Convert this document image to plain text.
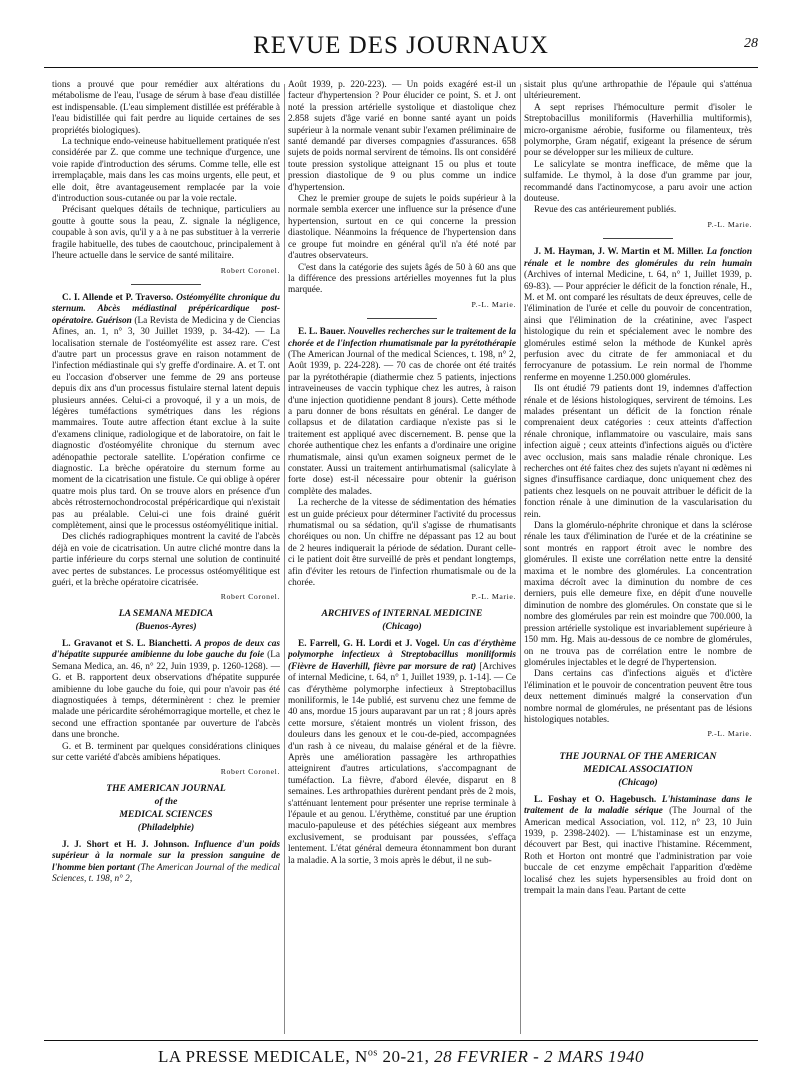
REVUE DES JOURNAUX	28

tions a prouvé que pour remédier aux altérations du métabolisme de l'eau, l'usage de sérum à base d'eau distillée est indispensable. (L'eau simplement distillée est préférable à l'eau bidistillée qui fait perdre au liquide certaines de ses propriétés biologiques).

La technique endo-veineuse habituellement pratiquée n'est considérée par Z. que comme une technique d'urgence, une voie rapide d'introduction des sérums. Comme telle, elle est irremplaçable, mais dans les cas moins urgents, elle peut, et elle doit, être avantageusement remplacée par la voie d'introduction sous-cutanée ou par la voie rectale.

Précisant quelques détails de technique, particuliers au goutte à goutte sous la peau, Z. signale la négligence, coupable à son avis, qu'il y a à ne pas substituer à la verrerie fragile habituelle, des tubes de caoutchouc, principalement à l'heure actuelle dans le service de santé militaire.

Robert Coronel.

C. I. Allende et P. Traverso. Ostéomyélite chronique du sternum. Abcès médiastinal prépéricardique post-opératoire. Guérison (La Revista de Medicina y de Ciencias Afines, an. 1, n° 3, 30 Juillet 1939, p. 34-42). — La localisation sternale de l'ostéomyélite est assez rare. C'est d'autre part un processus grave en raison notamment de l'infection médiastinale qui s'y greffe d'ordinaire. A. et T. ont eu l'occasion d'observer une femme de 29 ans porteuse depuis dix ans d'un processus fistulaire sternal latent depuis plusieurs années. Celui-ci a provoqué, il y a un mois, de légères tuméfactions symétriques dans les régions mammaires. Toute autre affection étant exclue à la suite d'examens clinique, radiologique et de laboratoire, on fait le diagnostic d'ostéomyélite chronique du sternum avec adénopathie pectorale satellite. L'opération confirme ce diagnostic. La brèche opératoire du sternum forme au moment de la cicatrisation une fistule. Ce qui oblige à opérer quatre mois plus tard. On se trouve alors en présence d'un abcès rétrosternochondrocostal prépéricardique qui n'existait pas au préalable. Celui-ci une fois drainé guérit complètement, ainsi que le processus ostéomyélitique initial.

Des clichés radiographiques montrent la cavité de l'abcès déjà en voie de cicatrisation. Un autre cliché montre dans la partie inférieure du corps sternal une solution de continuité avec pertes de substances. Le processus ostéomyélitique est guéri, et la brèche opératoire cicatrisée.

Robert Coronel.
LA SEMANA MEDICA
(Buenos-Ayres)

L. Gravanot et S. L. Bianchetti. A propos de deux cas d'hépatite suppurée amibienne du lobe gauche du foie (La Semana Medica, an. 46, n° 22, Juin 1939, p. 1260-1268). — G. et B. rapportent deux observations d'hépatite suppurée amibienne du lobe gauche du foie, qui pour n'avoir pas été diagnostiquées à temps, déterminèrent : chez le premier malade une péricardite sérohémorragique mortelle, et chez le second une effraction spontanée par ouverture de l'abcès dans une bronche.

G. et B. terminent par quelques considérations cliniques sur cette variété d'abcès amibiens hépatiques.

Robert Coronel.
THE AMERICAN JOURNAL
of the
MEDICAL SCIENCES
(Philadelphie)

J. J. Short et H. J. Johnson. Influence d'un poids supérieur à la normale sur la pression sanguine de l'homme bien portant (The American Journal of the medical Sciences, t. 198, n° 2,

Août 1939, p. 220-223). — Un poids exagéré est-il un facteur d'hypertension ? Pour élucider ce point, S. et J. ont noté la pression artérielle systolique et diastolique chez 2.858 sujets d'âge varié en bonne santé ayant un poids supérieur à la normale venant subir l'examen préliminaire de santé demandé par diverses compagnies d'assurances. 658 sujets de poids normal servirent de témoins. Ils ont considéré toute pression systolique atteignant 15 ou plus et toute pression diastolique de 9 ou plus comme un indice d'hypertension.

Chez le premier groupe de sujets le poids supérieur à la normale sembla exercer une influence sur la présence d'une hypertension, surtout en ce qui concerne la pression diastolique. Néanmoins la fréquence de l'hypertension dans ce groupe fut moindre en général qu'il n'a été noté par d'autres observateurs.

C'est dans la catégorie des sujets âgés de 50 à 60 ans que la différence des pressions artérielles moyennes fut la plus marquée.

P.-L. Marie.

E. L. Bauer. Nouvelles recherches sur le traitement de la chorée et de l'infection rhumatismale par la pyrétothérapie (The American Journal of the medical Sciences, t. 198, n° 2, Août 1939, p. 224-228). — 70 cas de chorée ont été traités par la pyrétothérapie (diathermie chez 5 patients, injections intraveineuses de vaccin typhique chez les autres, à raison d'une injection quotidienne pendant 8 jours). Cette méthode a paru donner de bons résultats en général. Le danger de collapsus et de dilatation cardiaque n'existe pas si le traitement est appliqué avec discernement. B. pense que la chorée authentique chez les enfants a d'ordinaire une origine rhumatismale, ainsi qu'un examen soigneux permet de le constater. Aussi un traitement antirhumatismal (salicylate à forte dose) est-il nécessaire pour obtenir la guérison complète des malades.

La recherche de la vitesse de sédimentation des hématies est un guide précieux pour déterminer l'activité du processus rhumatismal ou sa sédation, qu'il s'agisse de rhumatisants choréiques ou non. Un chiffre ne dépassant pas 12 au bout de 2 heures indiquerait la période de sédation. Durant celle-ci le patient doit être surveillé de près et pendant longtemps, afin d'éviter les retours de l'infection rhumatismale ou de la chorée.

P.-L. Marie.
ARCHIVES of INTERNAL MEDICINE
(Chicago)

E. Farrell, G. H. Lordi et J. Vogel. Un cas d'érythème polymorphe infectieux à Streptobacillus moniliformis (Fièvre de Haverhill, fièvre par morsure de rat) [Archives of internal Medicine, t. 64, n° 1, Juillet 1939, p. 1-14]. — Ce cas d'érythème polymorphe infectieux à Streptobacillus moniliformis, le 14e publié, est survenu chez une femme de 40 ans, mordue 15 jours auparavant par un rat ; 8 jours après cette morsure, s'étaient montrés un violent frisson, des douleurs dans les genoux et le cou-de-pied, accompagnées d'un rash à ce niveau, du malaise général et de la fièvre. Après une amélioration passagère les arthropathies atteignirent d'autres articulations, s'accompagnant de tuméfaction. La fièvre, d'abord élevée, disparut en 8 semaines. Les arthropathies durèrent pendant près de 2 mois, s'atténuant lentement pour présenter une reprise terminale à l'épaule et au genou. L'érythème, constitué par une éruption maculo-papuleuse et des pétéchies siégeant aux membres exclusivement, se produisant par poussées, s'effaça lentement. L'état général demeura étonnamment bon durant la maladie. A la sortie, 3 mois après le début, il ne sub-

sistait plus qu'une arthropathie de l'épaule qui s'atténua ultérieurement.

A sept reprises l'hémoculture permit d'isoler le Streptobacillus moniliformis (Haverhillia multiformis), micro-organisme aérobie, fusiforme ou filamenteux, très polymorphe, Gram négatif, exigeant la présence de sérum pour se développer sur les milieux de culture.

Le salicylate se montra inefficace, de même que la sulfamide. Le thymol, à la dose d'un gramme par jour, recommandé dans l'actinomycose, a paru avoir une action douteuse.

Revue des cas antérieurement publiés.

P.-L. Marie.

J. M. Hayman, J. W. Martin et M. Miller. La fonction rénale et le nombre des glomérules du rein humain (Archives of internal Medicine, t. 64, n° 1, Juillet 1939, p. 69-83). — Pour apprécier le déficit de la fonction rénale, H., M. et M. ont comparé les résultats de deux épreuves, celle de l'élimination de l'urée et celle du pouvoir de concentration, ainsi que l'élimination de la créatinine, avec l'aspect histologique du rein et spécialement avec le nombre des glomérules estimé selon la méthode de Kunkel après perfusion avec du citrate de fer ammoniacal et du ferrocyanure de potassium. Le rein normal de l'homme renferme en moyenne 1.250.000 glomérules.

Ils ont étudié 79 patients dont 19, indemnes d'affection rénale et de lésions histologiques, servirent de témoins. Les malades présentant un déficit de la fonction rénale comprenaient deux catégories : ceux atteints d'affection rénale chronique, inflammatoire ou vasculaire, mais sans infection aiguë ; ceux atteints d'infections aiguës ou d'ictère avec occlusion, mais sans maladie rénale chronique. Les recherches ont été faites chez des sujets n'ayant ni œdèmes ni signes d'insuffisance cardiaque, donc uniquement chez des patients chez lesquels on ne pouvait attribuer le déficit de la fonction rénale à une diminution de la vascularisation du rein.

Dans la glomérulo-néphrite chronique et dans la sclérose rénale les taux d'élimination de l'urée et de la créatinine se sont montrés en rapport étroit avec le nombre des glomérules. Il existe une corrélation nette entre la densité maxima et le nombre des glomérules. La concentration maxima décroît avec la diminution du nombre de ces derniers, puis elle demeure fixe, en dépit d'une nouvelle diminution de nombre des glomérules. On constate que si le nombre des glomérules par rein est moindre que 700.000, la pression artérielle systolique est invariablement supérieure à 150 mm. Hg. Mais au-dessous de ce nombre de glomérules, on ne trouva pas de corrélation entre le nombre de glomérules injectables et le degré de l'hypertension.

Dans certains cas d'infections aiguës et d'ictère l'élimination et le pouvoir de concentration peuvent être tous deux nettement diminués malgré la conservation d'un nombre normal de glomérules, ne présentant pas de lésions histologiques notables.

P.-L. Marie.
THE JOURNAL OF THE AMERICAN
MEDICAL ASSOCIATION
(Chicago)

L. Foshay et O. Hagebusch. L'histaminase dans le traitement de la maladie sérique (The Journal of the American medical Association, vol. 112, n° 23, 10 Juin 1939, p. 2398-2402). — L'histaminase est un enzyme, découvert par Best, qui inactive l'histamine. Récemment, Roth et Horton ont montré que l'administration par voie buccale de cet enzyme empêchait l'apparition d'œdème localisé chez les sujets hypersensibles au froid dont on trempait la main dans l'eau. Partant de cette

LA PRESSE MEDICALE, $N^{os}$ 20-21, 28 FEVRIER - 2 MARS 1940
